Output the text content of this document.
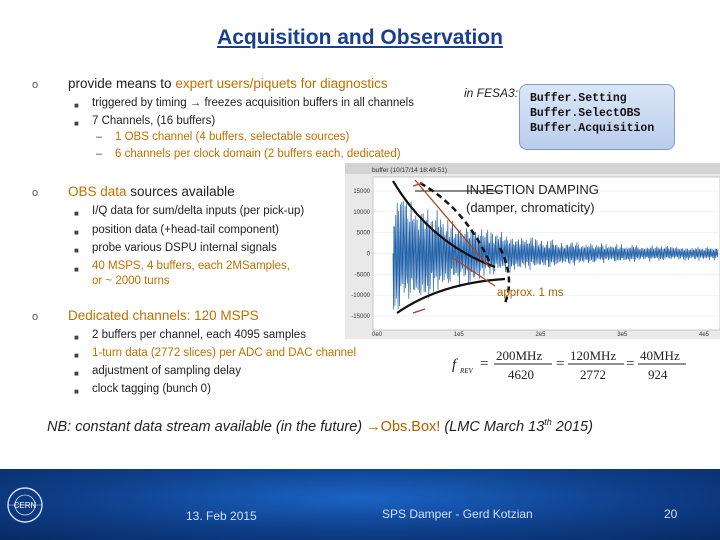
Acquisition and Observation
o provide means to expert users/piquets for diagnostics
■ triggered by timing → freezes acquisition buffers in all channels
■ 7 Channels, (16 buffers)
– 1 OBS channel (4 buffers, selectable sources)
– 6 channels per clock domain (2 buffers each, dedicated)
o OBS data sources available
■ I/Q data for sum/delta inputs (per pick-up)
■ position data (+head-tail component)
■ probe various DSPU internal signals
■ 40 MSPS, 4 buffers, each 2MSamples,
or ~ 2000 turns
o Dedicated channels: 120 MSPS
■ 2 buffers per channel, each 4095 samples
■ 1-turn data (2772 slices) per ADC and DAC channel
■ adjustment of sampling delay
■ clock tagging (bunch 0)
in FESA3: Buffer.Setting
Buffer.SelectOBS
Buffer.Acquisition
buffer (10/17/14 18:49:51)
15000
10000
5000
0
-5000
-10000
-15000
0e0	1e5	2e5	3e5	4e5
INJECTION DAMPING
(damper, chromaticity)
approx. 1 ms
f REV =
200MHz
4620
=
120MHz
2772
=
40MHz
924
NB: constant data stream available (in the future) →Obs.Box! (LMC March 13th 2015)
CERN
13. Feb 2015	SPS Damper - Gerd Kotzian	20
